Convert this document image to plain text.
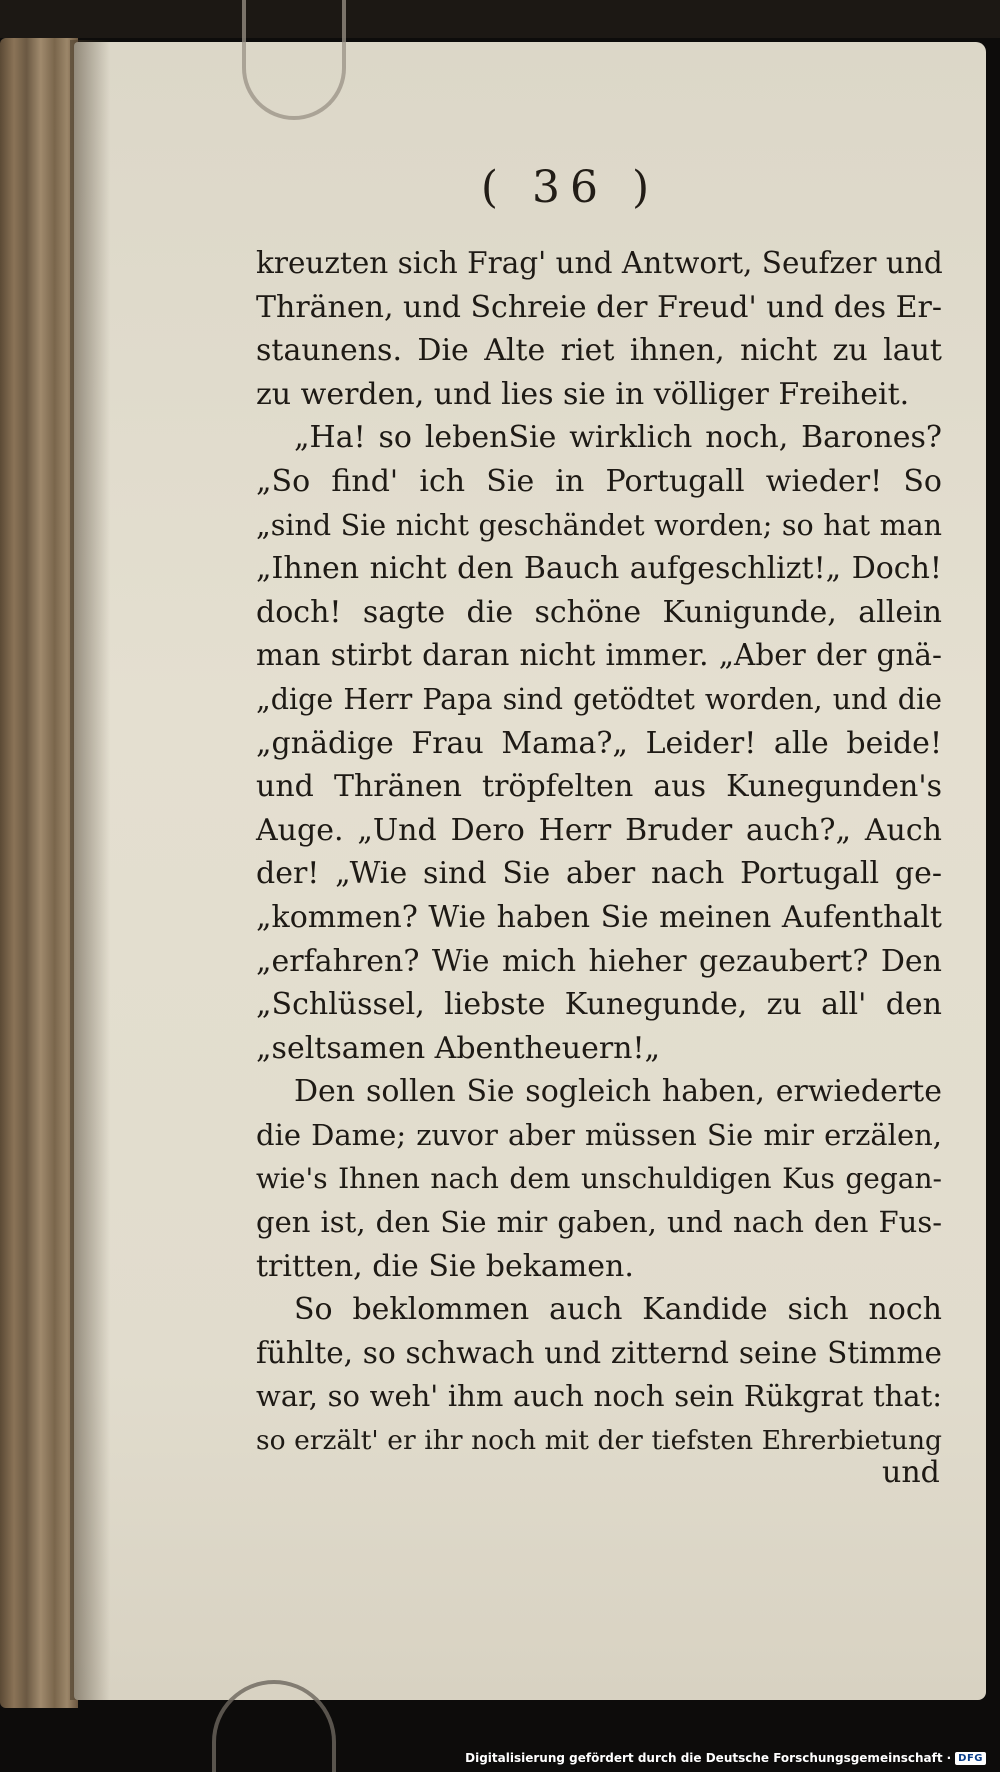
( 36 )
kreuzten sich Frag' und Antwort, Seufzer und
Thränen, und Schreie der Freud' und des Er-
staunens. Die Alte riet ihnen, nicht zu laut
zu werden, und lies sie in völliger Freiheit.
„Ha! so lebenSie wirklich noch, Barones?
„So find' ich Sie in Portugall wieder! So
„sind Sie nicht geschändet worden; so hat man
„Ihnen nicht den Bauch aufgeschlizt!„ Doch!
doch! sagte die schöne Kunigunde, allein
man stirbt daran nicht immer. „Aber der gnä-
„dige Herr Papa sind getödtet worden, und die
„gnädige Frau Mama?„ Leider! alle beide!
und Thränen tröpfelten aus Kunegunden's
Auge. „Und Dero Herr Bruder auch?„ Auch
der! „Wie sind Sie aber nach Portugall ge-
„kommen? Wie haben Sie meinen Aufenthalt
„erfahren? Wie mich hieher gezaubert? Den
„Schlüssel, liebste Kunegunde, zu all' den
„seltsamen Abentheuern!„
Den sollen Sie sogleich haben, erwiederte
die Dame; zuvor aber müssen Sie mir erzälen,
wie's Ihnen nach dem unschuldigen Kus gegan-
gen ist, den Sie mir gaben, und nach den Fus-
tritten, die Sie bekamen.
So beklommen auch Kandide sich noch
fühlte, so schwach und zitternd seine Stimme
war, so weh' ihm auch noch sein Rükgrat that:
so erzält' er ihr noch mit der tiefsten Ehrerbietung
und
Digitalisierung gefördert durch die Deutsche Forschungsgemeinschaft · DFG
